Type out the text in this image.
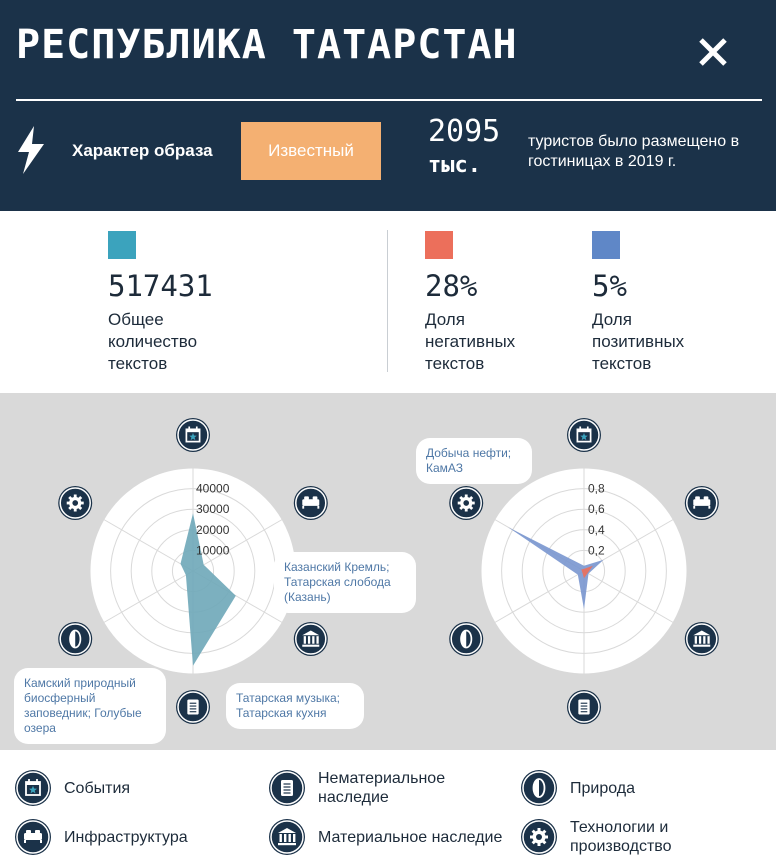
РЕСПУБЛИКА ТАТАРСТАН
Характер образа	Известный
2095
тыс.
туристов было размещено в гостиницах в 2019 г.
517431
Общее количество текстов
28%
Доля негативных текстов
5%
Доля позитивных текстов
10000
20000
30000
40000
0,2
0,4
0,6
0,8
Казанский Кремль; Татарская слобода (Казань)
Камский природный биосферный заповедник; Голубые озера
Татарская музыка; Татарская кухня
Добыча нефти; КамАЗ
События
Нематериальное наследие
Природа
Инфраструктура	Материальное наследие
Технологии и производство
